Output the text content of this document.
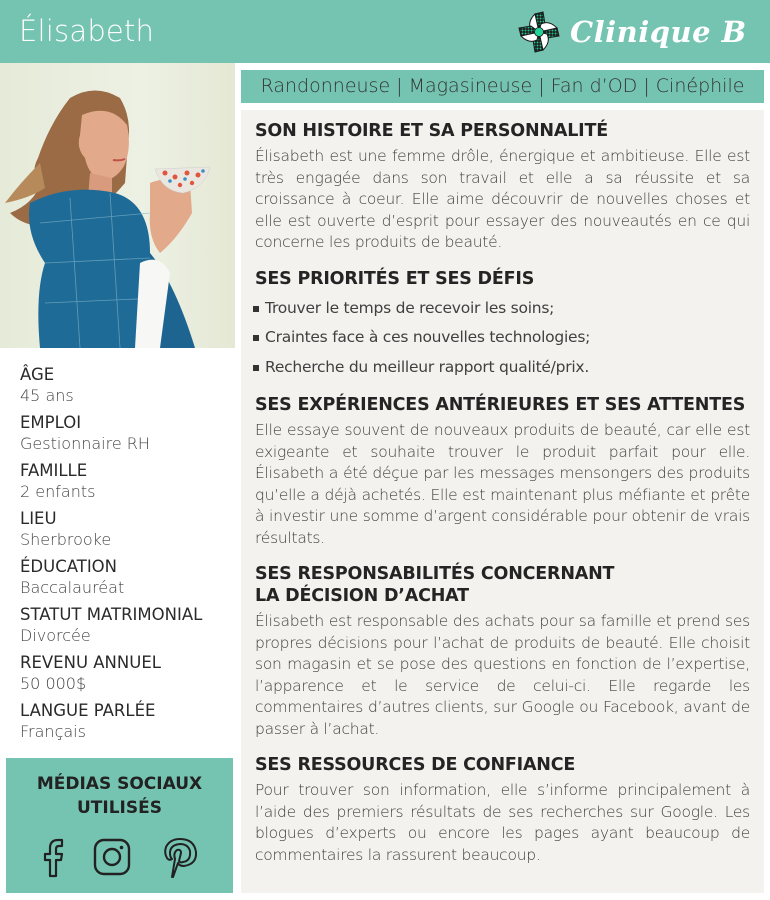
Élisabeth	Clinique B
ÂGE
45 ans
EMPLOI
Gestionnaire RH
FAMILLE
2 enfants
LIEU
Sherbrooke
ÉDUCATION
Baccalauréat
STATUT MATRIMONIAL
Divorcée
REVENU ANNUEL
50 000$
LANGUE PARLÉE
Français
MÉDIAS SOCIAUX
UTILISÉS
Randonneuse | Magasineuse | Fan d’OD | Cinéphile
SON HISTOIRE ET SA PERSONNALITÉ

Élisabeth est une femme drôle, énergique et ambitieuse. Elle est très engagée dans son travail et elle a sa réussite et sa croissance à coeur. Elle aime découvrir de nouvelles choses et elle est ouverte d’esprit pour essayer des nouveautés en ce qui concerne les produits de beauté.

SES PRIORITÉS ET SES DÉFIS
Trouver le temps de recevoir les soins;
Craintes face à ces nouvelles technologies;
Recherche du meilleur rapport qualité/prix.
SES EXPÉRIENCES ANTÉRIEURES ET SES ATTENTES

Elle essaye souvent de nouveaux produits de beauté, car elle est exigeante et souhaite trouver le produit parfait pour elle. Élisabeth a été déçue par les messages mensongers des produits qu’elle a déjà achetés. Elle est maintenant plus méfiante et prête à investir une somme d’argent considérable pour obtenir de vrais résultats.

SES RESPONSABILITÉS CONCERNANT
LA DÉCISION D’ACHAT

Élisabeth est responsable des achats pour sa famille et prend ses propres décisions pour l’achat de produits de beauté. Elle choisit son magasin et se pose des questions en fonction de l’expertise, l’apparence et le service de celui-ci. Elle regarde les commentaires d’autres clients, sur Google ou Facebook, avant de passer à l’achat.

SES RESSOURCES DE CONFIANCE

Pour trouver son information, elle s’informe principalement à l’aide des premiers résultats de ses recherches sur Google. Les blogues d’experts ou encore les pages ayant beaucoup de commentaires la rassurent beaucoup.
